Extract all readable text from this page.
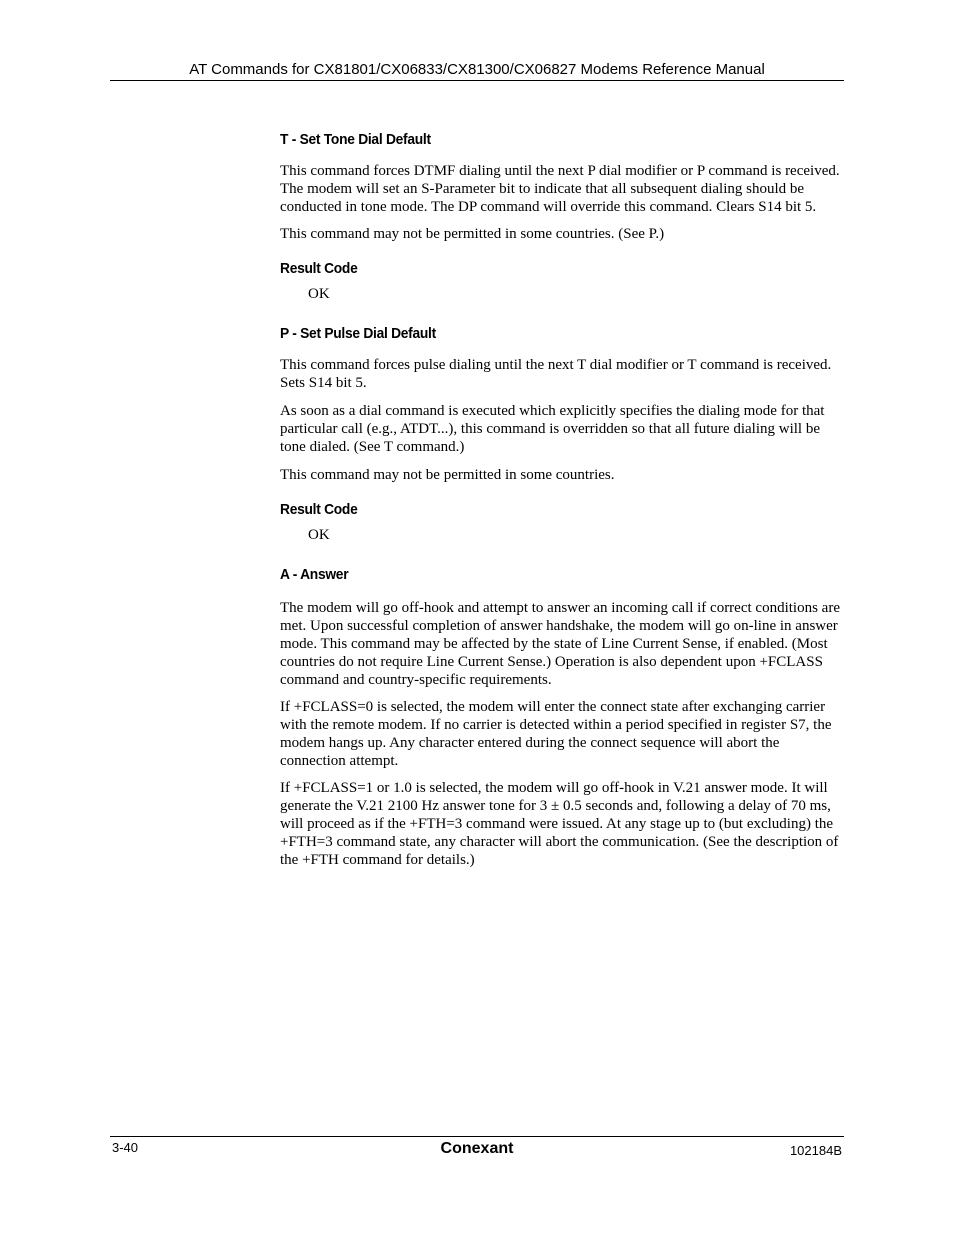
AT Commands for CX81801/CX06833/CX81300/CX06827 Modems Reference Manual
T - Set Tone Dial Default

This command forces DTMF dialing until the next P dial modifier or P command is received. The modem will set an S-Parameter bit to indicate that all subsequent dialing should be conducted in tone mode. The DP command will override this command. Clears S14 bit 5.

This command may not be permitted in some countries. (See P.)

Result Code

OK

P - Set Pulse Dial Default

This command forces pulse dialing until the next T dial modifier or T command is received. Sets S14 bit 5.

As soon as a dial command is executed which explicitly specifies the dialing mode for that particular call (e.g., ATDT...), this command is overridden so that all future dialing will be tone dialed. (See T command.)

This command may not be permitted in some countries.

Result Code

OK

A - Answer

The modem will go off-hook and attempt to answer an incoming call if correct conditions are met. Upon successful completion of answer handshake, the modem will go on-line in answer mode. This command may be affected by the state of Line Current Sense, if enabled. (Most countries do not require Line Current Sense.) Operation is also dependent upon +FCLASS command and country-specific requirements.

If +FCLASS=0 is selected, the modem will enter the connect state after exchanging carrier with the remote modem. If no carrier is detected within a period specified in register S7, the modem hangs up. Any character entered during the connect sequence will abort the connection attempt.

If +FCLASS=1 or 1.0 is selected, the modem will go off-hook in V.21 answer mode. It will generate the V.21 2100 Hz answer tone for 3 ± 0.5 seconds and, following a delay of 70 ms, will proceed as if the +FTH=3 command were issued. At any stage up to (but excluding) the +FTH=3 command state, any character will abort the communication. (See the description of the +FTH command for details.)

3-40	Conexant	102184B
